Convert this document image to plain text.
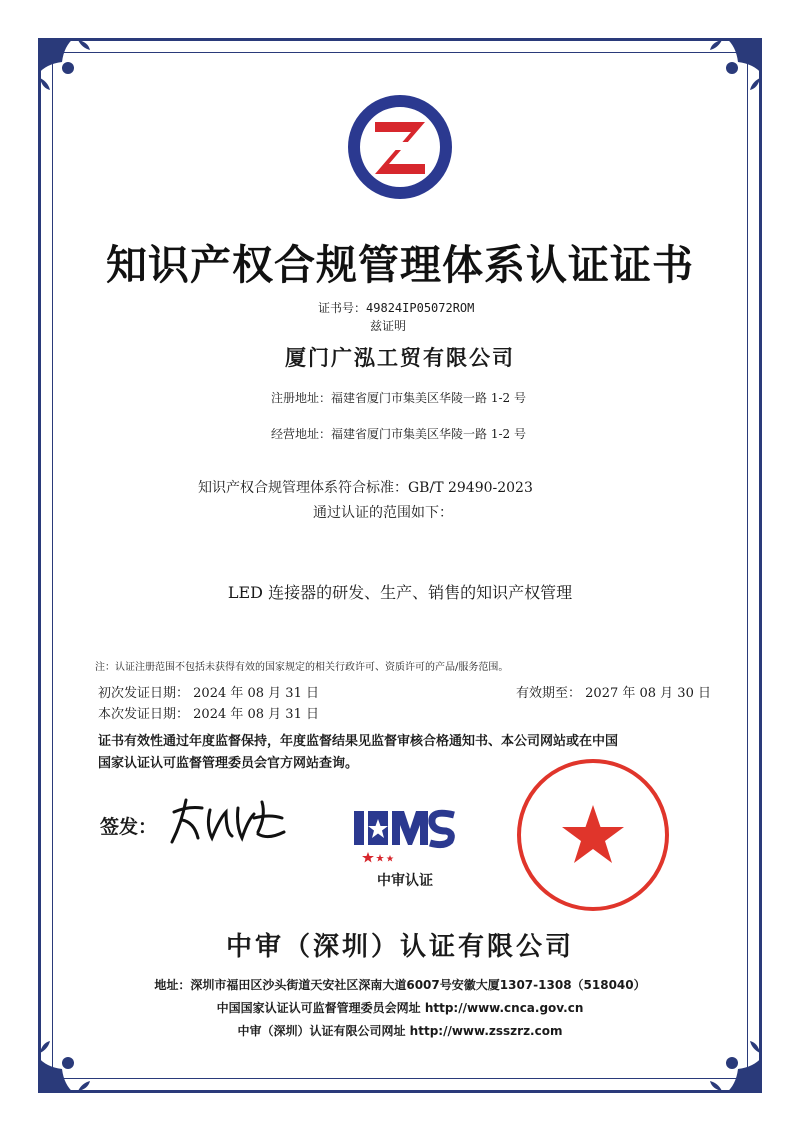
知识产权合规管理体系认证证书
证书号：49824IP05072ROM
兹证明
厦门广泓工贸有限公司
注册地址：福建省厦门市集美区华陵一路 1-2 号
经营地址：福建省厦门市集美区华陵一路 1-2 号
知识产权合规管理体系符合标准：GB/T 29490-2023
通过认证的范围如下：
LED 连接器的研发、生产、销售的知识产权管理
注：认证注册范围不包括未获得有效的国家规定的相关行政许可、资质许可的产品/服务范围。
初次发证日期： 2024 年 08 月 31 日	有效期至： 2027 年 08 月 30 日
本次发证日期： 2024 年 08 月 31 日
证书有效性通过年度监督保持，年度监督结果见监督审核合格通知书、本公司网站或在中国
国家认证认可监督管理委员会官方网站查询。
签发：
中审认证
中审（深圳）认证有限公司
地址：深圳市福田区沙头街道天安社区深南大道6007号安徽大厦1307-1308（518040）
中国国家认证认可监督管理委员会网址 http://www.cnca.gov.cn
中审（深圳）认证有限公司网址 http://www.zsszrz.com
